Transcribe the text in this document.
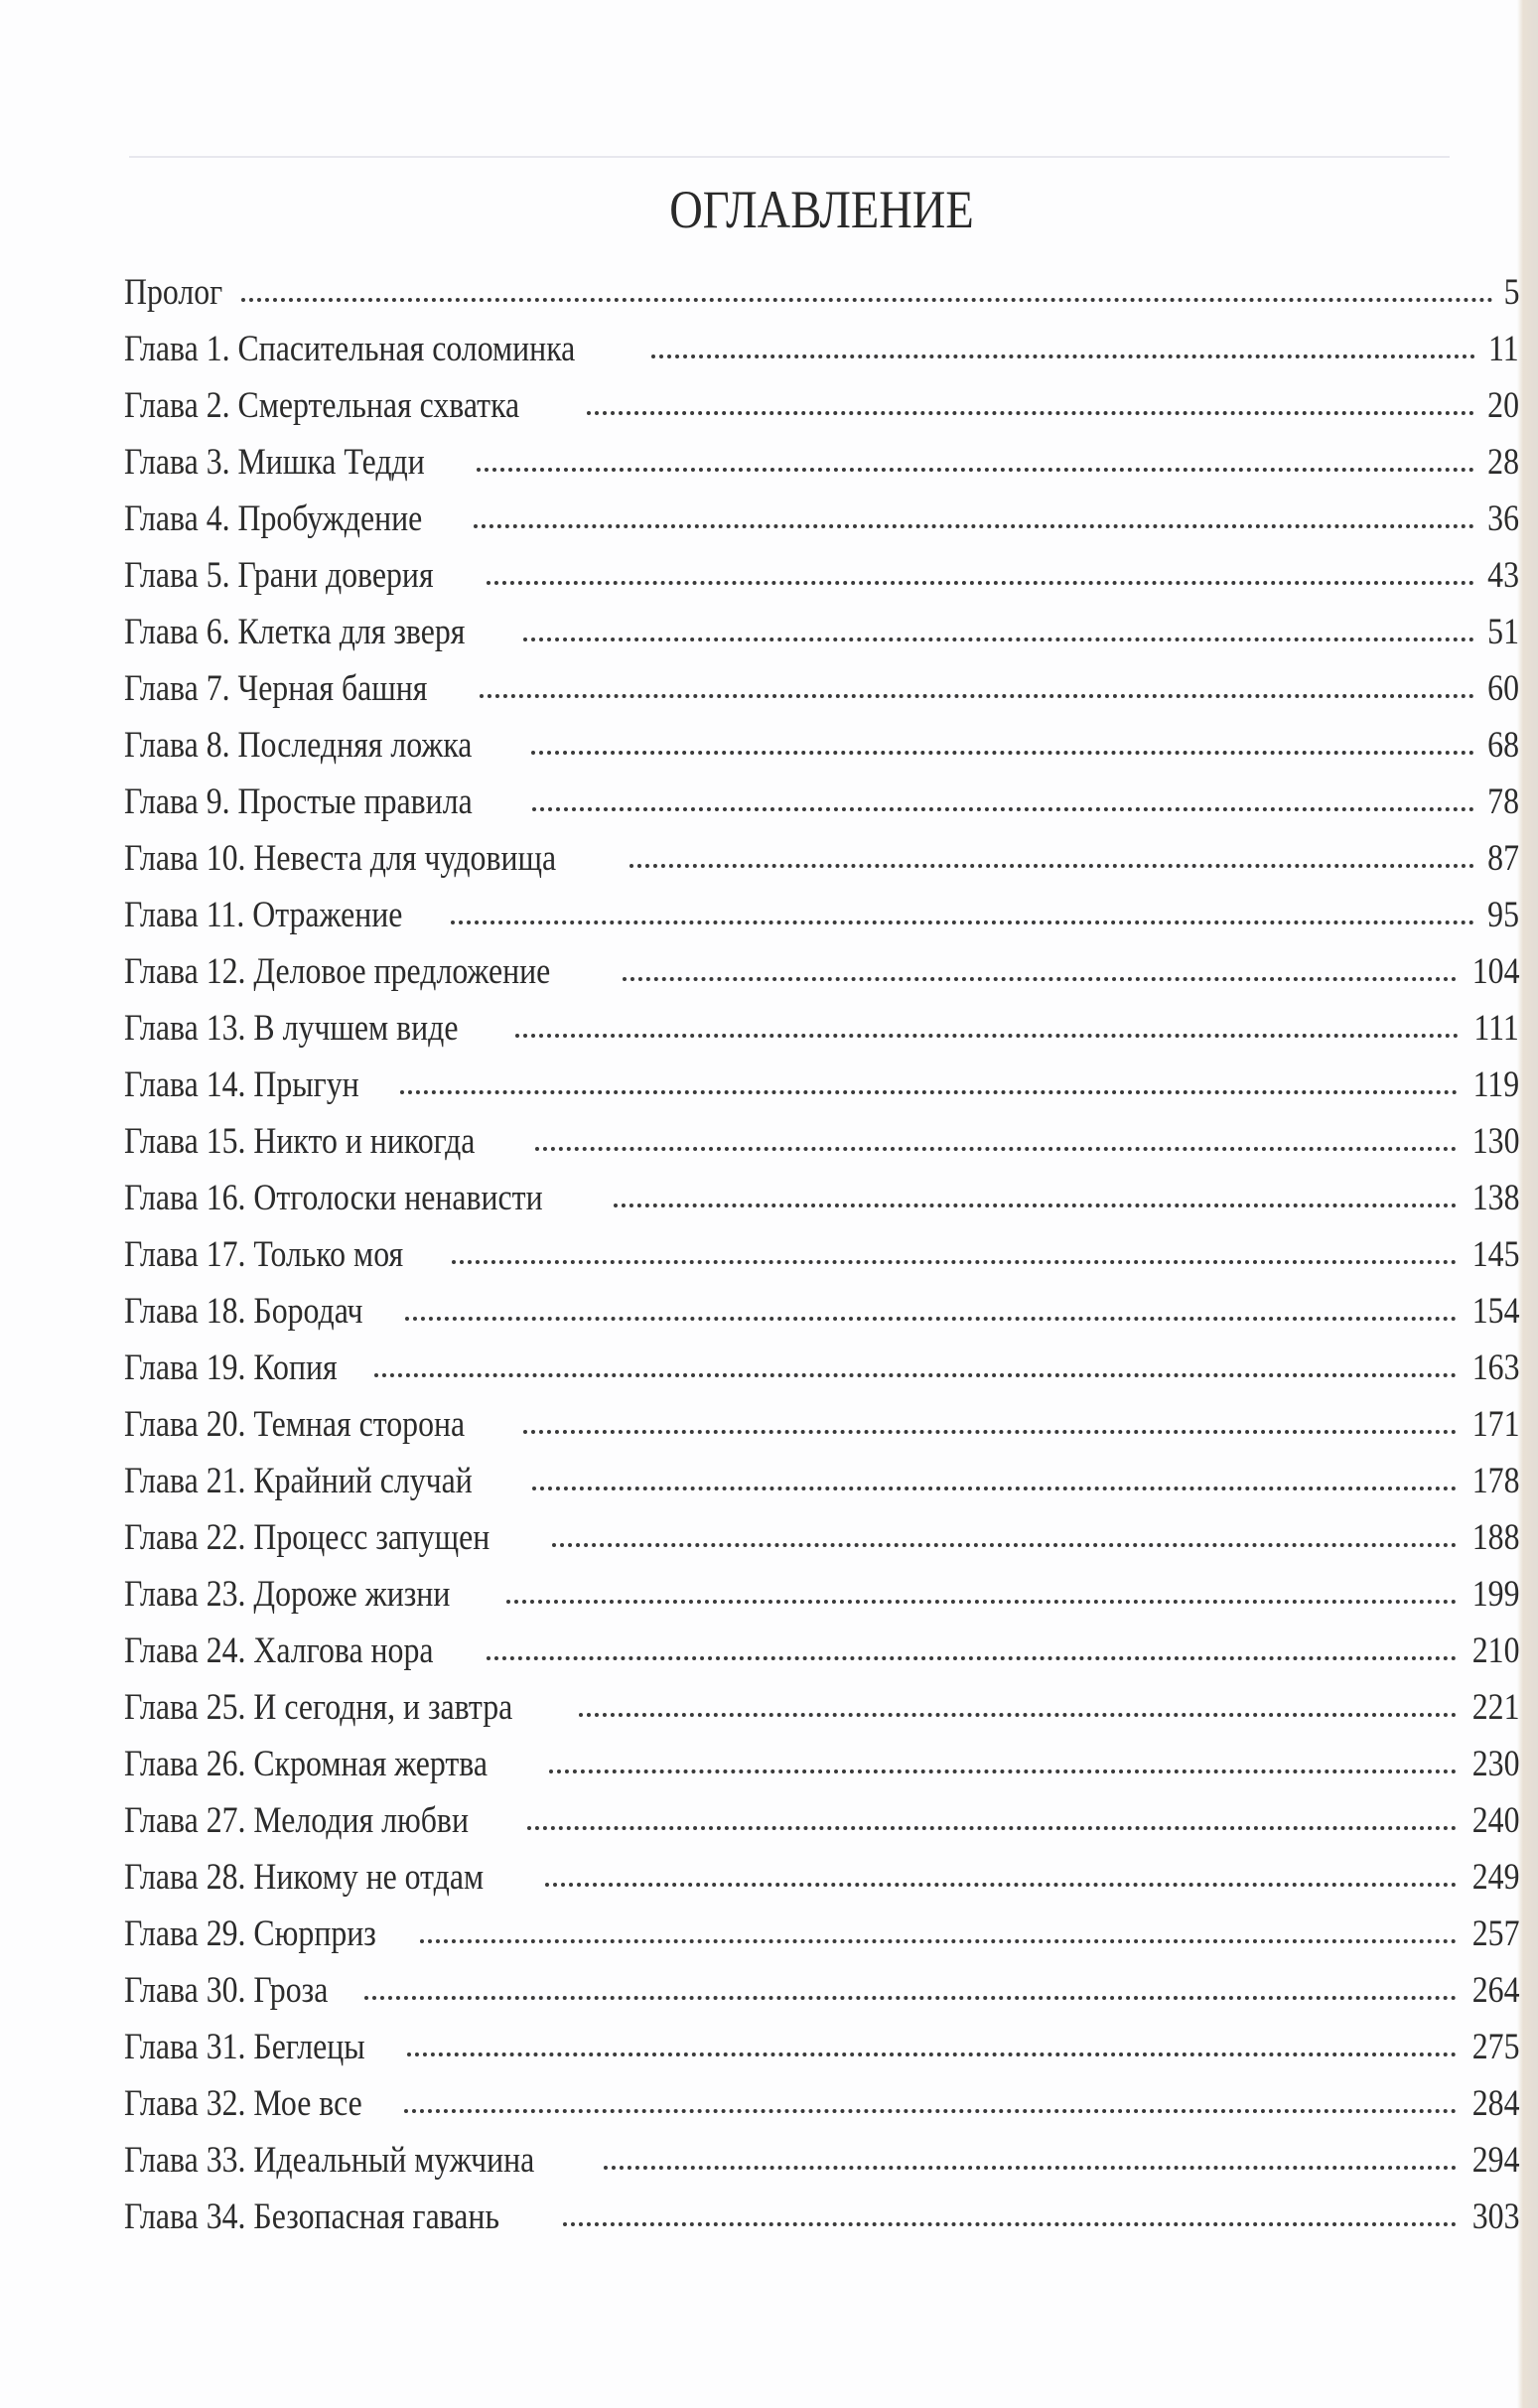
ОГЛАВЛЕНИЕ
Пролог	5
Глава 1. Спасительная соломинка	11
Глава 2. Смертельная схватка	20
Глава 3. Мишка Тедди	28
Глава 4. Пробуждение	36
Глава 5. Грани доверия	43
Глава 6. Клетка для зверя	51
Глава 7. Черная башня	60
Глава 8. Последняя ложка	68
Глава 9. Простые правила	78
Глава 10. Невеста для чудовища	87
Глава 11. Отражение	95
Глава 12. Деловое предложение	104
Глава 13. В лучшем виде	111
Глава 14. Прыгун	119
Глава 15. Никто и никогда	130
Глава 16. Отголоски ненависти	138
Глава 17. Только моя	145
Глава 18. Бородач	154
Глава 19. Копия	163
Глава 20. Темная сторона	171
Глава 21. Крайний случай	178
Глава 22. Процесс запущен	188
Глава 23. Дороже жизни	199
Глава 24. Халгова нора	210
Глава 25. И сегодня, и завтра	221
Глава 26. Скромная жертва	230
Глава 27. Мелодия любви	240
Глава 28. Никому не отдам	249
Глава 29. Сюрприз	257
Глава 30. Гроза	264
Глава 31. Беглецы	275
Глава 32. Мое все	284
Глава 33. Идеальный мужчина	294
Глава 34. Безопасная гавань	303
